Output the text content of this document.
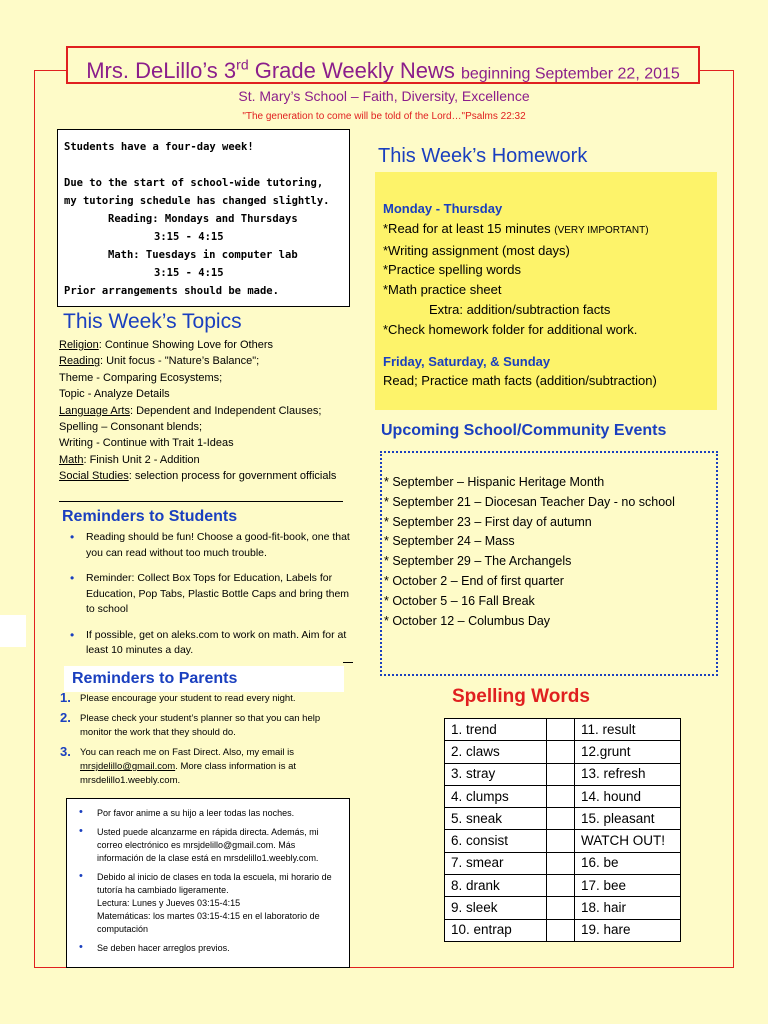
Mrs. DeLillo’s 3rd Grade Weekly News beginning September 22, 2015
St. Mary’s School – Faith, Diversity, Excellence
"The generation to come will be told of the Lord…"Psalms 22:32
Students have a four-day week!

Due to the start of school-wide tutoring,
my tutoring schedule has changed slightly.
Reading: Mondays and Thursdays
3:15 - 4:15
Math: Tuesdays in computer lab
3:15 - 4:15
Prior arrangements should be made.
This Week’s Topics
Religion: Continue Showing Love for Others
Reading: Unit focus - "Nature’s Balance";
Theme - Comparing Ecosystems;
Topic - Analyze Details
Language Arts: Dependent and Independent Clauses;
Spelling – Consonant blends;
Writing - Continue with Trait 1-Ideas
Math: Finish Unit 2 - Addition
Social Studies: selection process for government officials
Reminders to Students
• Reading should be fun! Choose a good-fit-book, one that you can read without too much trouble.
• Reminder: Collect Box Tops for Education, Labels for Education, Pop Tabs, Plastic Bottle Caps and bring them to school
• If possible, get on aleks.com to work on math. Aim for at least 10 minutes a day.
Reminders to Parents
1. Please encourage your student to read every night.
2. Please check your student’s planner so that you can help monitor the work that they should do.
3. You can reach me on Fast Direct. Also, my email is mrsjdelillo@gmail.com. More class information is at mrsdelillo1.weebly.com.
• Por favor anime a su hijo a leer todas las noches.
• Usted puede alcanzarme en rápida directa. Además, mi correo electrónico es mrsjdelillo@gmail.com. Más información de la clase está en mrsdelillo1.weebly.com.
• Debido al inicio de clases en toda la escuela, mi horario de tutoría ha cambiado ligeramente.
Lectura: Lunes y Jueves 03:15-4:15
Matemáticas: los martes 03:15-4:15 en el laboratorio de computación
• Se deben hacer arreglos previos.
This Week’s Homework
Monday - Thursday
*Read for at least 15 minutes (VERY IMPORTANT)
*Writing assignment (most days)
*Practice spelling words
*Math practice sheet
Extra: addition/subtraction facts
*Check homework folder for additional work.
Friday, Saturday, & Sunday
Read; Practice math facts (addition/subtraction)
Upcoming School/Community Events
* September – Hispanic Heritage Month
* September 21 – Diocesan Teacher Day - no school
* September 23 – First day of autumn
* September 24 – Mass
* September 29 – The Archangels
* October 2 – End of first quarter
* October 5 – 16 Fall Break
* October 12 – Columbus Day
Spelling Words
1. trend		11. result
2. claws		12.grunt
3. stray		13. refresh
4. clumps		14. hound
5. sneak		15. pleasant
6. consist		WATCH OUT!
7. smear		16. be
8. drank		17. bee
9. sleek		18. hair
10. entrap		19. hare
